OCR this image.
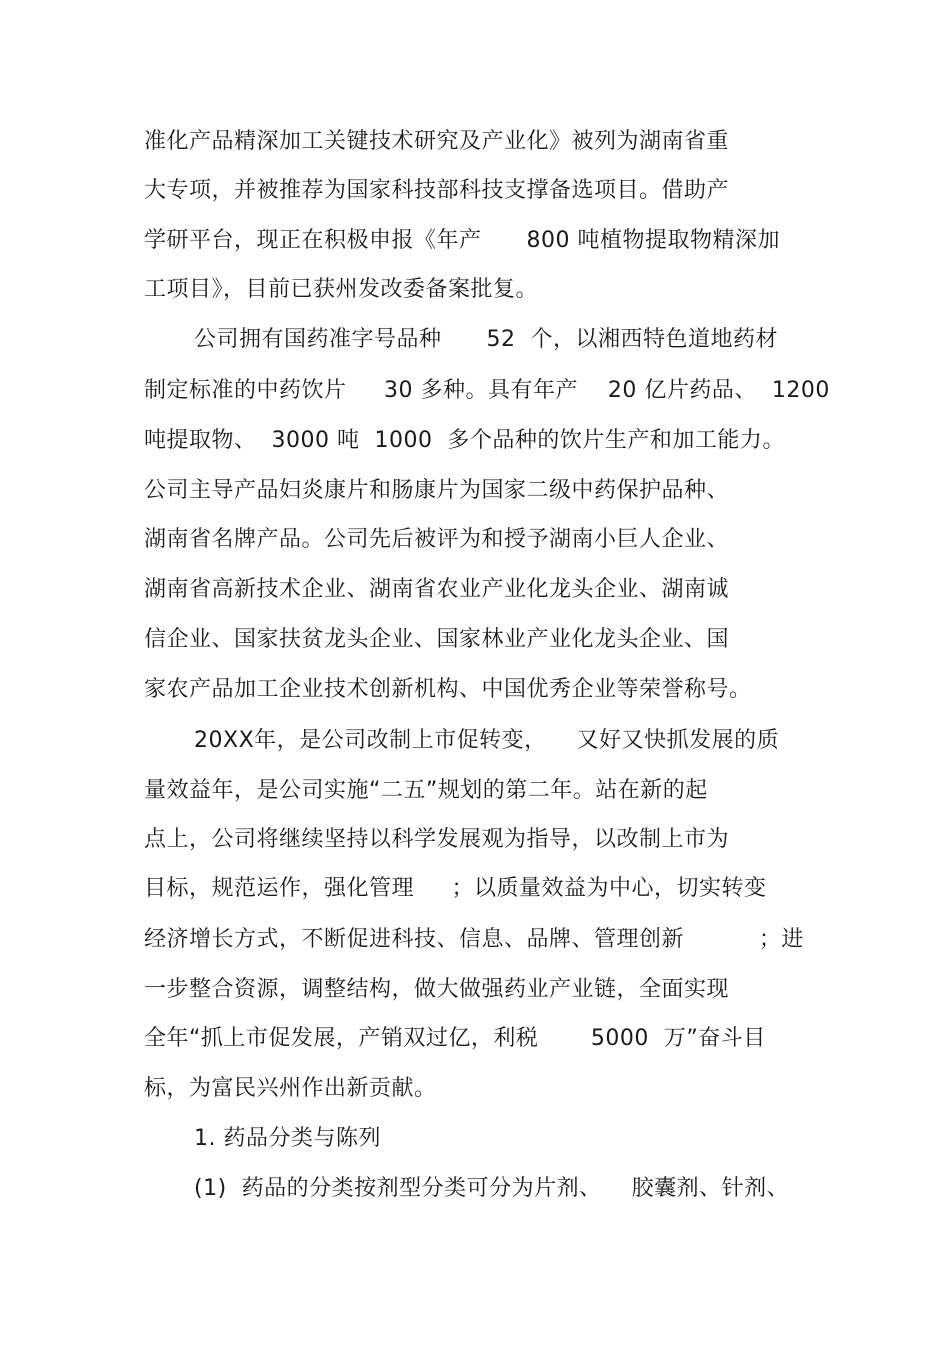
准化产品精深加工关键技术研究及产业化》被列为湖南省重
大专项，并被推荐为国家科技部科技支撑备选项目。借助产
学研平台，现正在积极申报《年产      800 吨植物提取物精深加
工项目》，目前已获州发改委备案批复。
公司拥有国药准字号品种      52  个，以湘西特色道地药材
制定标准的中药饮片     30 多种。具有年产    20 亿片药品、  1200
吨提取物、  3000 吨  1000  多个品种的饮片生产和加工能力。
公司主导产品妇炎康片和肠康片为国家二级中药保护品种、
湖南省名牌产品。公司先后被评为和授予湖南小巨人企业、
湖南省高新技术企业、湖南省农业产业化龙头企业、湖南诚
信企业、国家扶贫龙头企业、国家林业产业化龙头企业、国
家农产品加工企业技术创新机构、中国优秀企业等荣誉称号。
20XX年，是公司改制上市促转变，    又好又快抓发展的质
量效益年，是公司实施“二五”规划的第二年。站在新的起
点上，公司将继续坚持以科学发展观为指导，以改制上市为
目标，规范运作，强化管理     ；以质量效益为中心，切实转变
经济增长方式，不断促进科技、信息、品牌、管理创新          ；进
一步整合资源，调整结构，做大做强药业产业链，全面实现
全年“抓上市促发展，产销双过亿，利税       5000  万”奋斗目
标，为富民兴州作出新贡献。
1. 药品分类与陈列
(1)  药品的分类按剂型分类可分为片剂、    胶囊剂、针剂、
